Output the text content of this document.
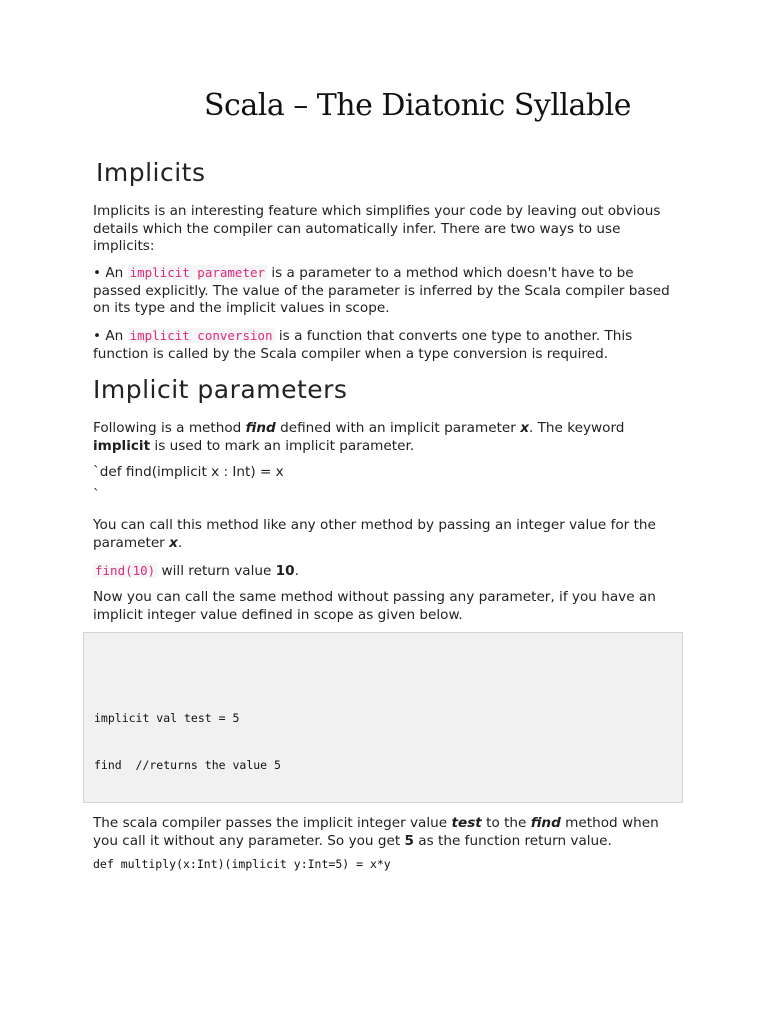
Scala – The Diatonic Syllable
Implicits

Implicits is an interesting feature which simplifies your code by leaving out obvious details which the compiler can automatically infer. There are two ways to use implicits:

• An implicit parameter is a parameter to a method which doesn't have to be passed explicitly. The value of the parameter is inferred by the Scala compiler based on its type and the implicit values in scope.

• An implicit conversion is a function that converts one type to another. This function is called by the Scala compiler when a type conversion is required.

Implicit parameters

Following is a method find defined with an implicit parameter x. The keyword implicit is used to mark an implicit parameter.

`def find(implicit x : Int) = x

`

You can call this method like any other method by passing an integer value for the parameter x.

find(10) will return value 10.

Now you can call the same method without passing any parameter, if you have an implicit integer value defined in scope as given below.

implicit val test = 5
find  //returns the value 5

The scala compiler passes the implicit integer value test to the find method when you call it without any parameter. So you get 5 as the function return value.

def multiply(x:Int)(implicit y:Int=5) = x*y
